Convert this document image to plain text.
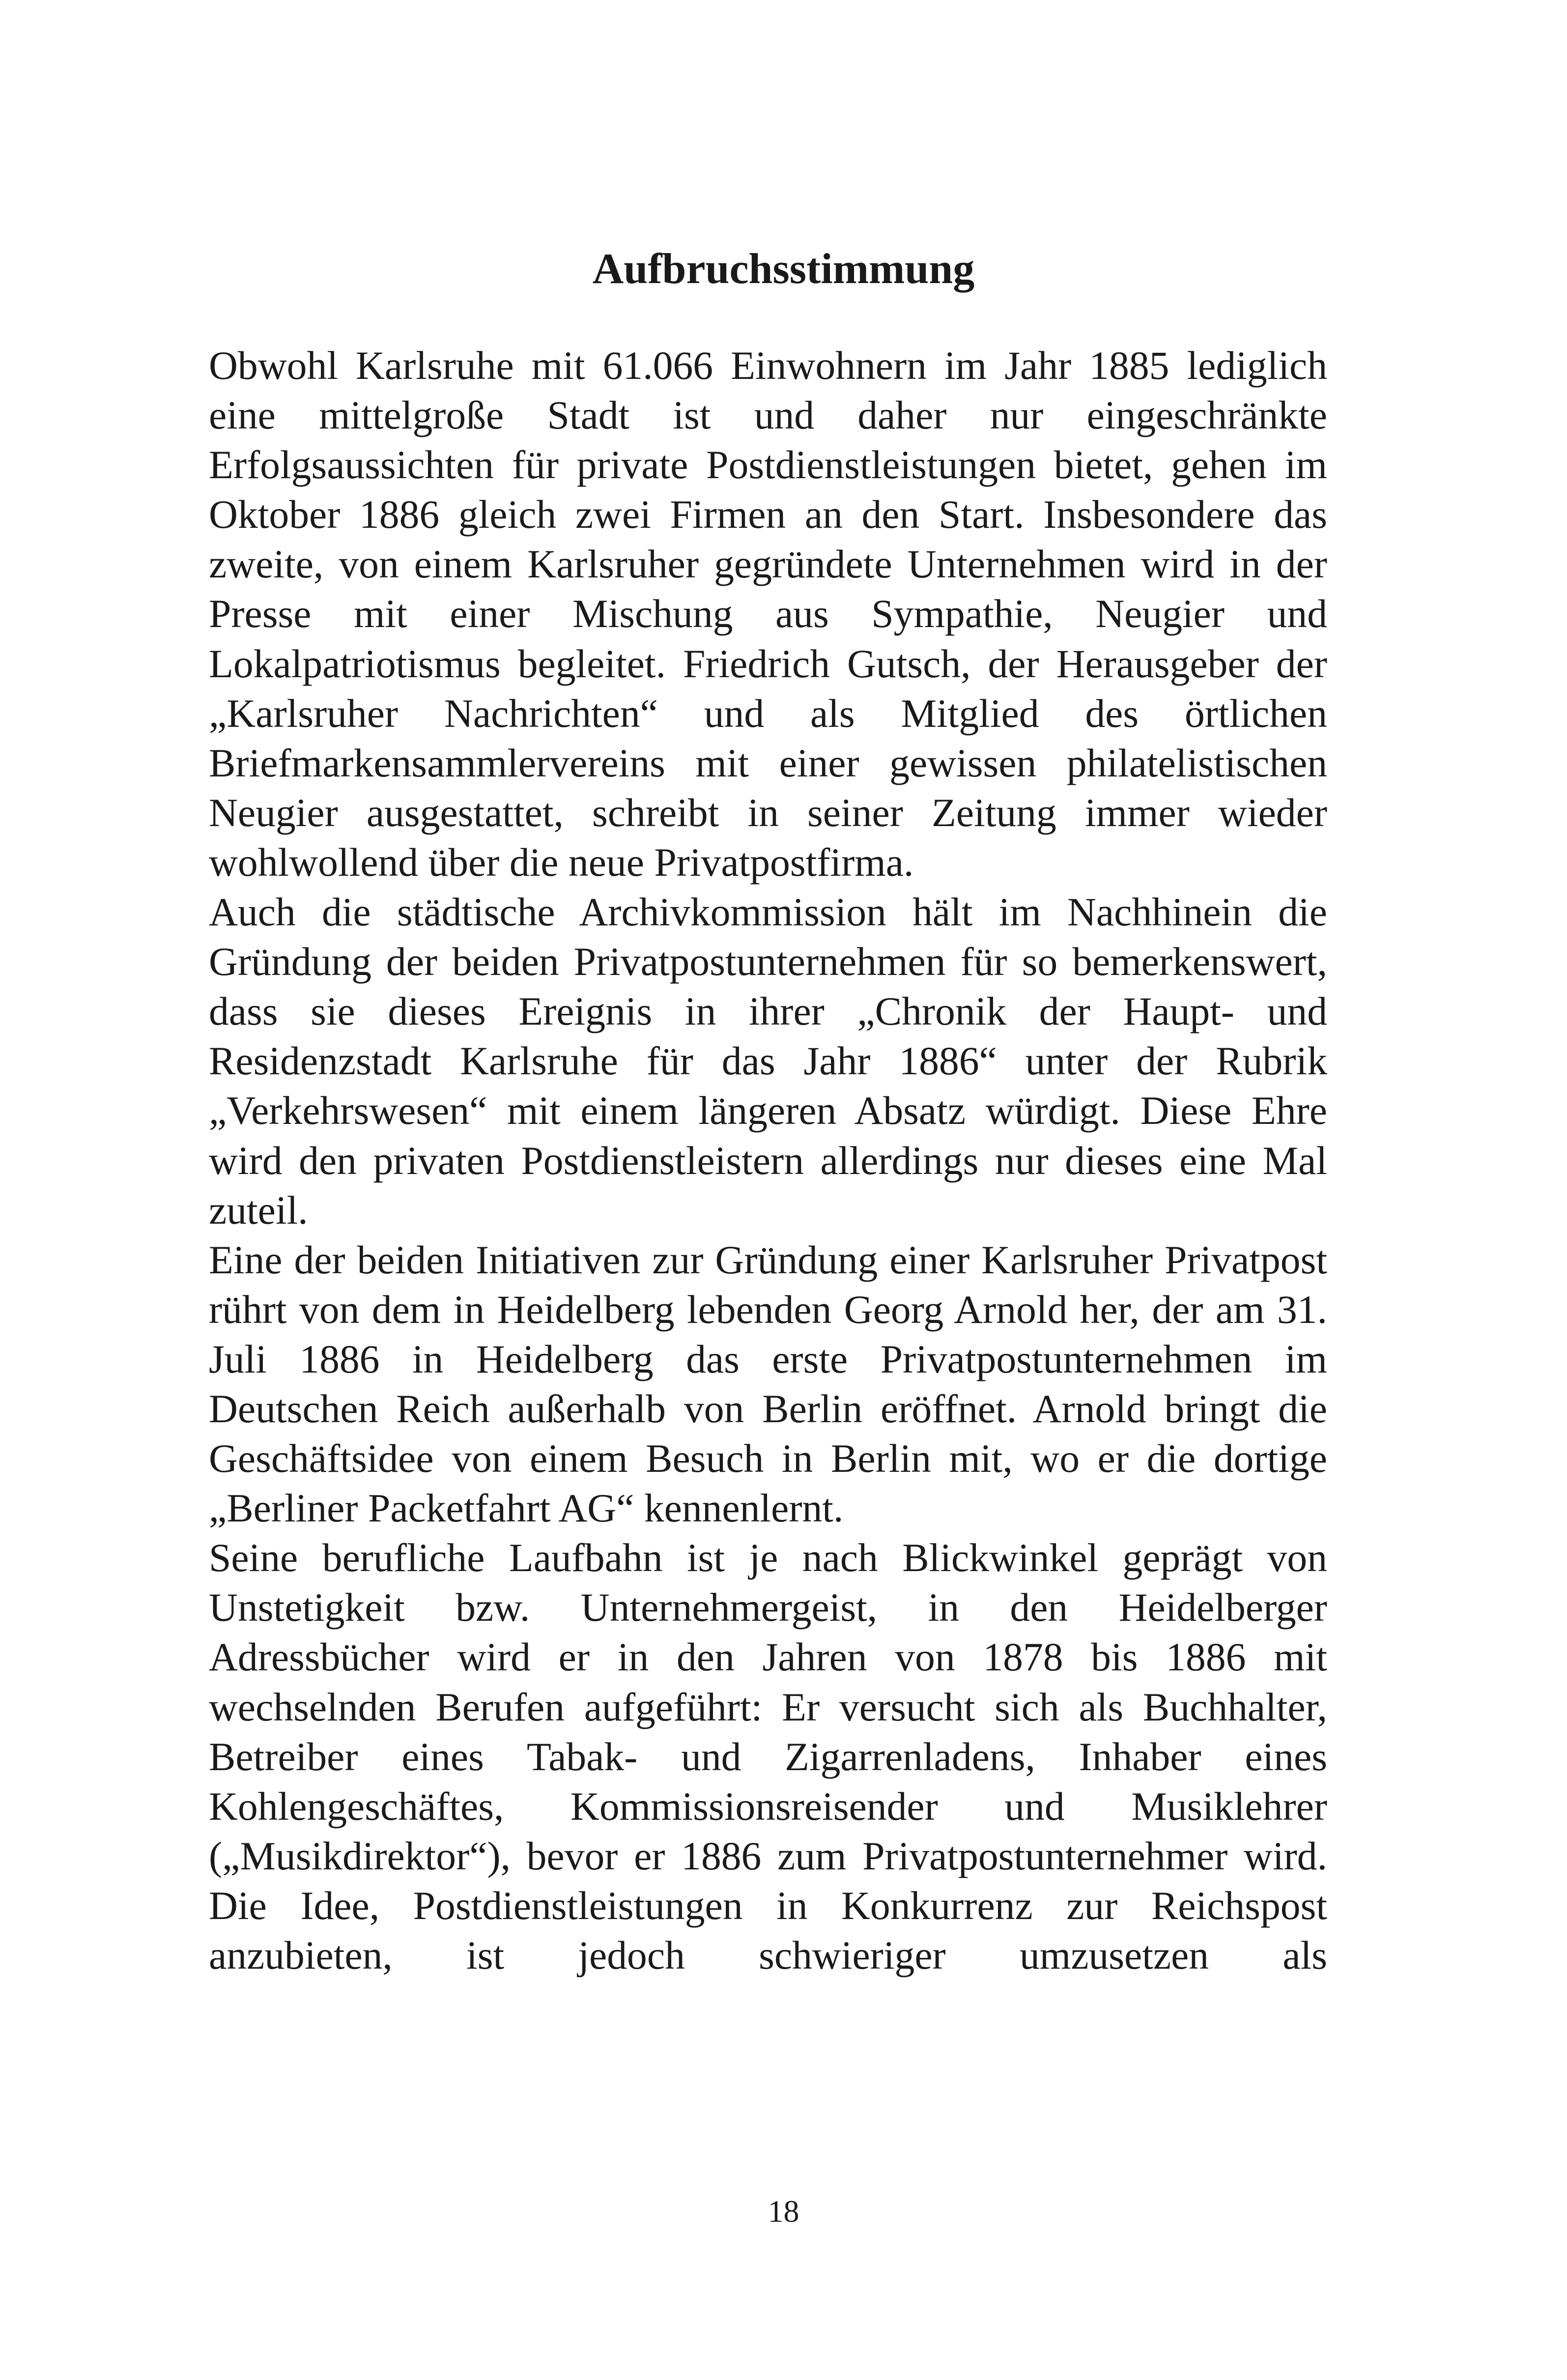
Aufbruchsstimmung

Obwohl Karlsruhe mit 61.066 Einwohnern im Jahr 1885 lediglich eine mittelgroße Stadt ist und daher nur eingeschränkte Erfolgsaussichten für private Postdienstleistungen bietet, gehen im Oktober 1886 gleich zwei Firmen an den Start. Insbesondere das zweite, von einem Karlsruher gegründete Unternehmen wird in der Presse mit einer Mischung aus Sympathie, Neugier und Lokalpatriotismus begleitet. Friedrich Gutsch, der Herausgeber der „Karlsruher Nachrichten“ und als Mitglied des örtlichen Briefmarkensammlervereins mit einer gewissen philatelistischen Neugier ausgestattet, schreibt in seiner Zeitung immer wieder wohlwollend über die neue Privatpostfirma.

Auch die städtische Archivkommission hält im Nachhinein die Gründung der beiden Privatpostunternehmen für so bemerkenswert, dass sie dieses Ereignis in ihrer „Chronik der Haupt- und Residenzstadt Karlsruhe für das Jahr 1886“ unter der Rubrik „Verkehrswesen“ mit einem längeren Absatz würdigt. Diese Ehre wird den privaten Postdienstleistern allerdings nur dieses eine Mal zuteil.

Eine der beiden Initiativen zur Gründung einer Karlsruher Privatpost rührt von dem in Heidelberg lebenden Georg Arnold her, der am 31. Juli 1886 in Heidelberg das erste Privatpostunternehmen im Deutschen Reich außerhalb von Berlin eröffnet. Arnold bringt die Geschäftsidee von einem Besuch in Berlin mit, wo er die dortige „Berliner Packetfahrt AG“ kennenlernt.

Seine berufliche Laufbahn ist je nach Blickwinkel geprägt von Unstetigkeit bzw. Unternehmergeist, in den Heidelberger Adressbücher wird er in den Jahren von 1878 bis 1886 mit wechselnden Berufen aufgeführt: Er versucht sich als Buchhalter, Betreiber eines Tabak- und Zigarrenladens, Inhaber eines Kohlengeschäftes, Kommissionsreisender und Musiklehrer („Musikdirektor“), bevor er 1886 zum Privatpostunternehmer wird. Die Idee, Postdienstleistungen in Konkurrenz zur Reichspost anzubieten, ist jedoch schwieriger umzusetzen als

18
